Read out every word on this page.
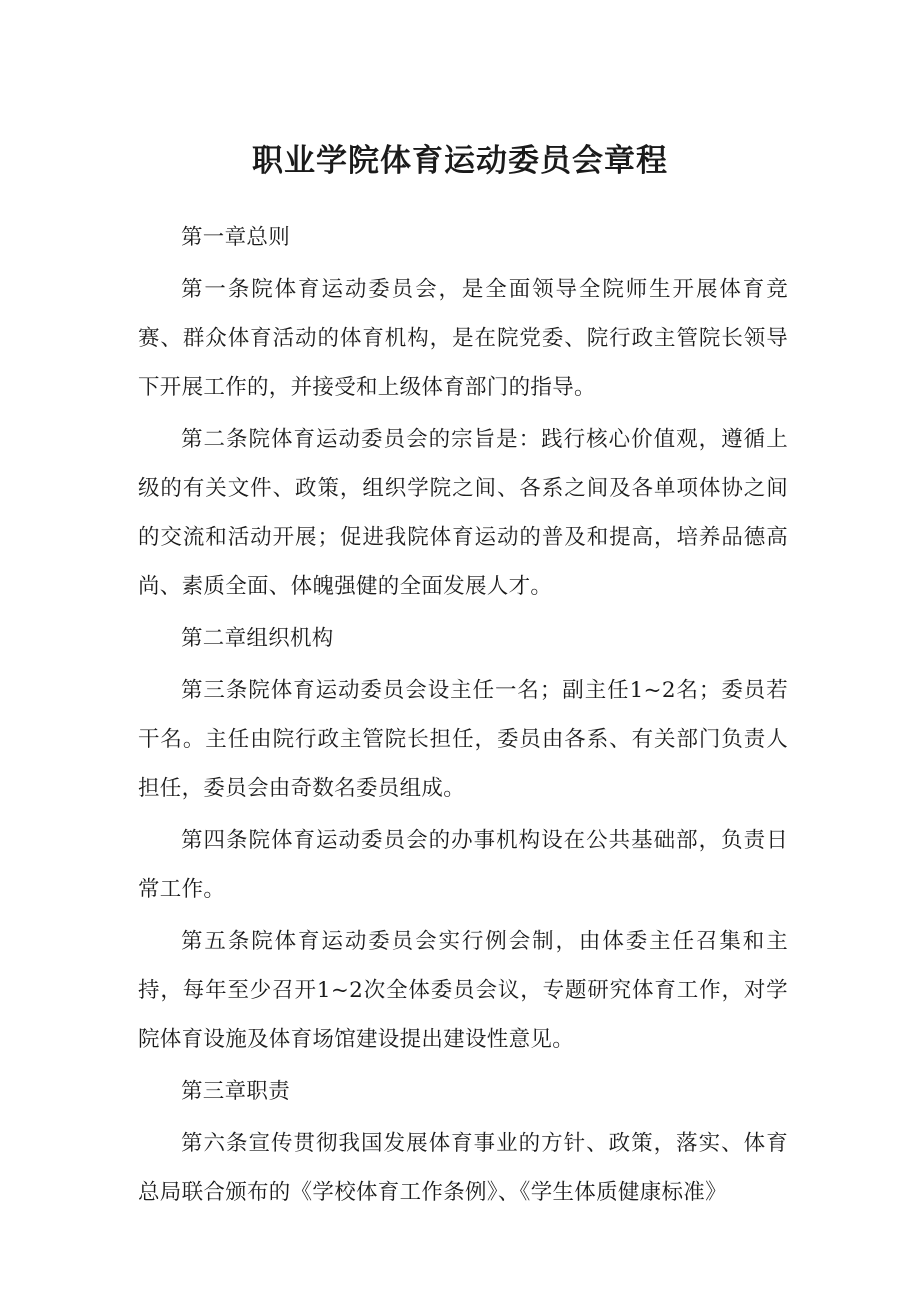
职业学院体育运动委员会章程

第一章总则

第一条院体育运动委员会，是全面领导全院师生开展体育竞赛、群众体育活动的体育机构，是在院党委、院行政主管院长领导下开展工作的，并接受和上级体育部门的指导。

第二条院体育运动委员会的宗旨是：践行核心价值观，遵循上级的有关文件、政策，组织学院之间、各系之间及各单项体协之间的交流和活动开展；促进我院体育运动的普及和提高，培养品德高尚、素质全面、体魄强健的全面发展人才。

第二章组织机构

第三条院体育运动委员会设主任一名；副主任1~2名；委员若干名。主任由院行政主管院长担任，委员由各系、有关部门负责人担任，委员会由奇数名委员组成。

第四条院体育运动委员会的办事机构设在公共基础部，负责日常工作。

第五条院体育运动委员会实行例会制，由体委主任召集和主持，每年至少召开1~2次全体委员会议，专题研究体育工作，对学院体育设施及体育场馆建设提出建设性意见。

第三章职责

第六条宣传贯彻我国发展体育事业的方针、政策，落实、体育总局联合颁布的《学校体育工作条例》、《学生体质健康标准》
